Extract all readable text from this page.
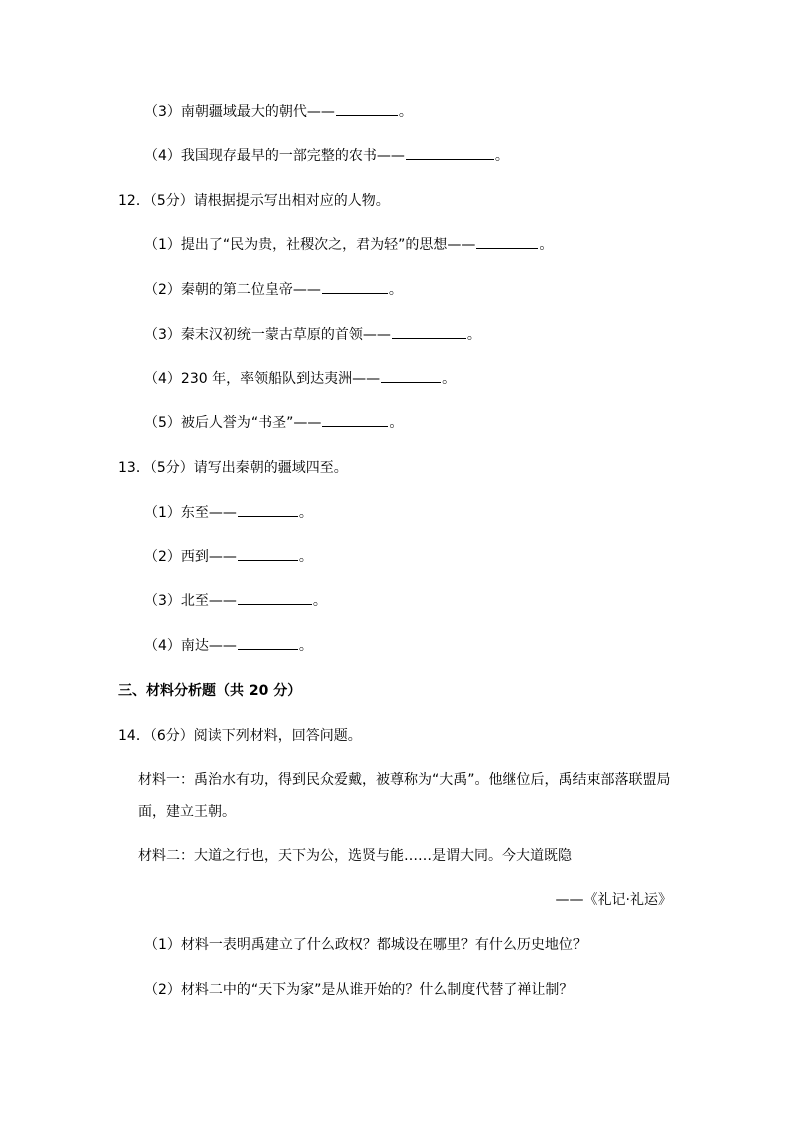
（3）南朝疆域最大的朝代——	。
（4）我国现存最早的一部完整的农书——	。
12．（5分）请根据提示写出相对应的人物。
（1）提出了“民为贵，社稷次之，君为轻”的思想——	。
（2）秦朝的第二位皇帝——	。
（3）秦末汉初统一蒙古草原的首领——	。
（4）230 年，率领船队到达夷洲——	。
（5）被后人誉为“书圣”——	。
13．（5分）请写出秦朝的疆域四至。
（1）东至——	。
（2）西到——	。
（3）北至——	。
（4）南达——	。
三、材料分析题（共 20 分）
14．（6分）阅读下列材料，回答问题。
材料一：禹治水有功，得到民众爱戴，被尊称为“大禹”。他继位后，禹结束部落联盟局
面，建立王朝。
材料二：大道之行也，天下为公，选贤与能……是谓大同。今大道既隐
——《礼记·礼运》
（1）材料一表明禹建立了什么政权？都城设在哪里？有什么历史地位？
（2）材料二中的“天下为家”是从谁开始的？什么制度代替了禅让制？
